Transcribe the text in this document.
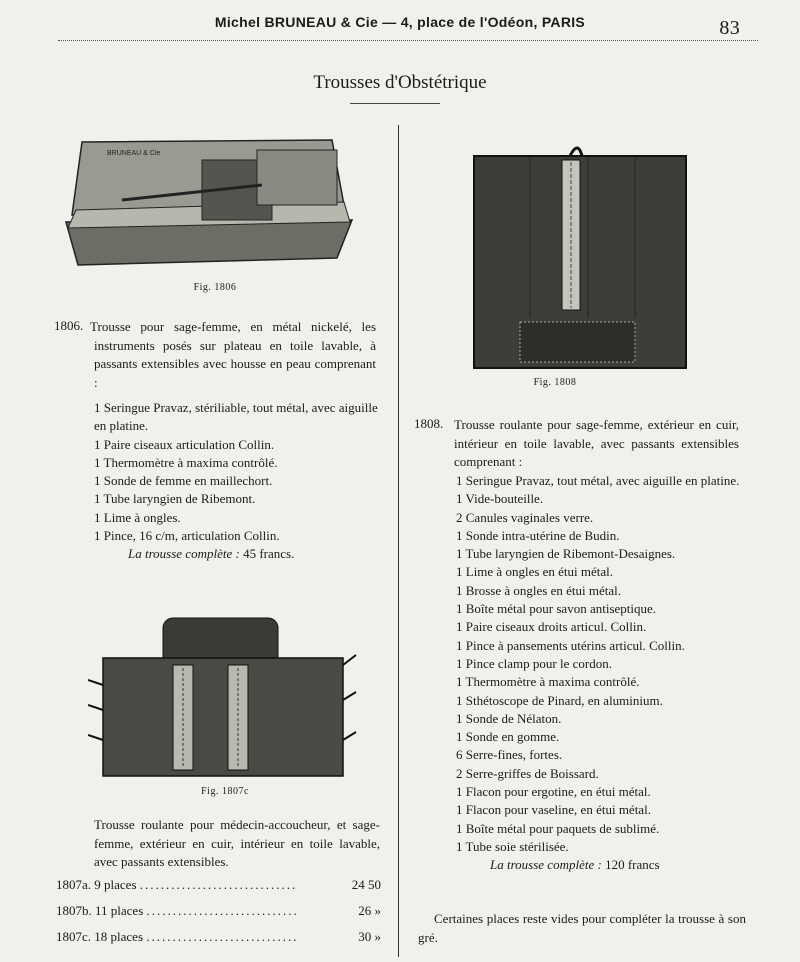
Michel BRUNEAU & Cie — 4, place de l'Odéon, PARIS	83
Trousses d'Obstétrique
BRUNEAU & Cie
Fig. 1806
1806. Trousse pour sage-femme, en métal nickelé, les instruments posés sur plateau en toile lavable, à passants extensibles avec housse en peau comprenant :
1 Seringue Pravaz, stériliable, tout métal, avec aiguille en platine.
1 Paire ciseaux articulation Collin.
1 Thermomètre à maxima contrôlé.
1 Sonde de femme en maillechort.
1 Tube laryngien de Ribemont.
1 Lime à ongles.
1 Pince, 16 c/m, articulation Collin.
La trousse complète : 45 francs.
Fig. 1807c
Trousse roulante pour médecin-accoucheur, et sage-femme, extérieur en cuir, intérieur en toile lavable, avec passants extensibles.
1807a. 9 places ..............................	24 50
1807b. 11 places .............................	26 »
1807c. 18 places .............................	30 »
Fig. 1808
1808. Trousse roulante pour sage-femme, extérieur en cuir, intérieur en toile lavable, avec passants extensibles comprenant :
1 Seringue Pravaz, tout métal, avec aiguille en platine.
1 Vide-bouteille.
2 Canules vaginales verre.
1 Sonde intra-utérine de Budin.
1 Tube laryngien de Ribemont-Desaignes.
1 Lime à ongles en étui métal.
1 Brosse à ongles en étui métal.
1 Boîte métal pour savon antiseptique.
1 Paire ciseaux droits articul. Collin.
1 Pince à pansements utérins articul. Collin.
1 Pince clamp pour le cordon.
1 Thermomètre à maxima contrôlé.
1 Sthétoscope de Pinard, en aluminium.
1 Sonde de Nélaton.
1 Sonde en gomme.
6 Serre-fines, fortes.
2 Serre-griffes de Boissard.
1 Flacon pour ergotine, en étui métal.
1 Flacon pour vaseline, en étui métal.
1 Boîte métal pour paquets de sublimé.
1 Tube soie stérilisée.
La trousse complète : 120 francs
Certaines places reste vides pour compléter la trousse à son gré.
